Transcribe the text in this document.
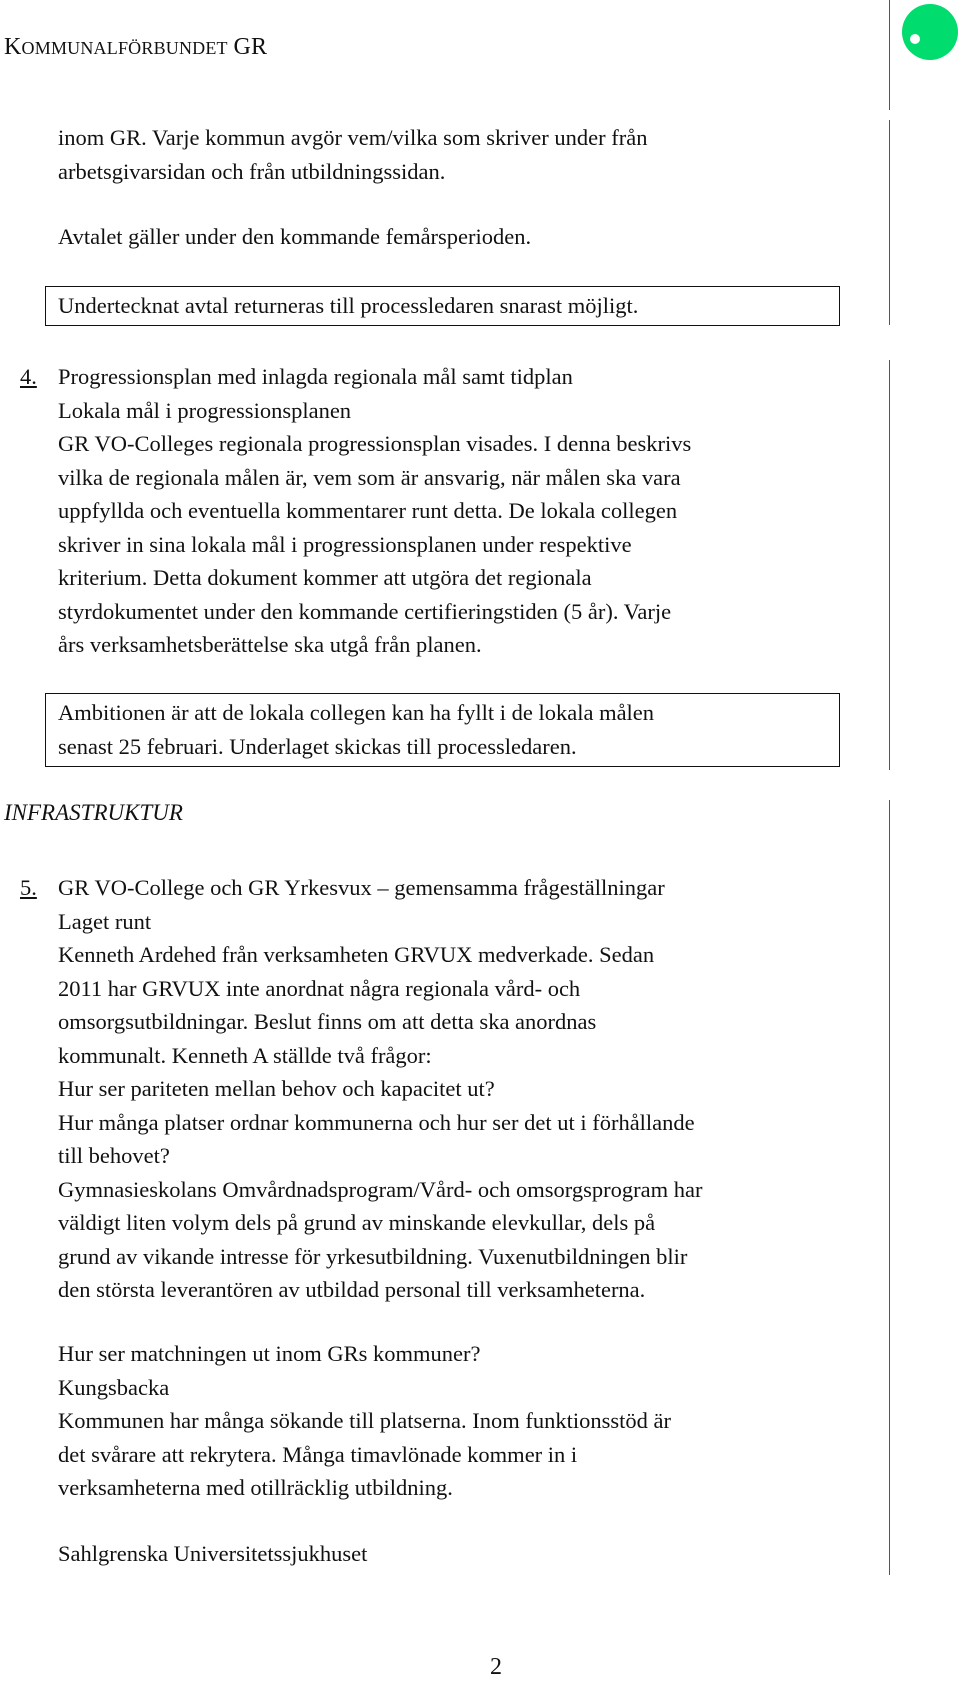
KOMMUNALFÖRBUNDET GR
inom GR. Varje kommun avgör vem/vilka som skriver under från
arbetsgivarsidan och från utbildningssidan.
Avtalet gäller under den kommande femårsperioden.
Undertecknat avtal returneras till processledaren snarast möjligt.
4. Progressionsplan med inlagda regionala mål samt tidplan
Lokala mål i progressionsplanen
GR VO-Colleges regionala progressionsplan visades. I denna beskrivs
vilka de regionala målen är, vem som är ansvarig, när målen ska vara
uppfyllda och eventuella kommentarer runt detta. De lokala collegen
skriver in sina lokala mål i progressionsplanen under respektive
kriterium. Detta dokument kommer att utgöra det regionala
styrdokumentet under den kommande certifieringstiden (5 år). Varje
års verksamhetsberättelse ska utgå från planen.
Ambitionen är att de lokala collegen kan ha fyllt i de lokala målen
senast 25 februari. Underlaget skickas till processledaren.
INFRASTRUKTUR
5. GR VO-College och GR Yrkesvux – gemensamma frågeställningar
Laget runt
Kenneth Ardehed från verksamheten GRVUX medverkade. Sedan
2011 har GRVUX inte anordnat några regionala vård- och
omsorgsutbildningar. Beslut finns om att detta ska anordnas
kommunalt. Kenneth A ställde två frågor:
Hur ser pariteten mellan behov och kapacitet ut?
Hur många platser ordnar kommunerna och hur ser det ut i förhållande
till behovet?
Gymnasieskolans Omvårdnadsprogram/Vård- och omsorgsprogram har
väldigt liten volym dels på grund av minskande elevkullar, dels på
grund av vikande intresse för yrkesutbildning. Vuxenutbildningen blir
den största leverantören av utbildad personal till verksamheterna.
Hur ser matchningen ut inom GRs kommuner?
Kungsbacka
Kommunen har många sökande till platserna. Inom funktionsstöd är
det svårare att rekrytera. Många timavlönade kommer in i
verksamheterna med otillräcklig utbildning.
Sahlgrenska Universitetssjukhuset
2
